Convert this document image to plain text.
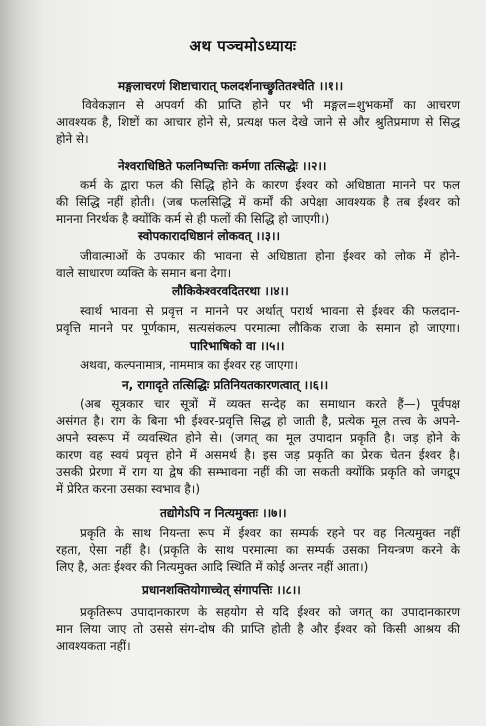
अथ पञ्चमोऽध्यायः
मङ्गलाचरणं शिष्टाचारात् फलदर्शनाच्छ्रुतितश्चेति ।।१।।
विवेकज्ञान से अपवर्ग की प्राप्ति होने पर भी मङ्गल=शुभकर्मों का आचरण
आवश्यक है, शिष्टों का आचार होने से, प्रत्यक्ष फल देखे जाने से और श्रुतिप्रमाण से सिद्ध
होने से।
नेश्वराधिष्ठिते फलनिष्पत्तिः कर्मणा तत्सिद्धेः ।।२।।
कर्म के द्वारा फल की सिद्धि होने के कारण ईश्वर को अधिष्ठाता मानने पर फल
की सिद्धि नहीं होती। (जब फलसिद्धि में कर्मों की अपेक्षा आवश्यक है तब ईश्वर को
मानना निरर्थक है क्योंकि कर्म से ही फलों की सिद्धि हो जाएगी।)
स्वोपकारादधिष्ठानं लोकवत् ।।३।।
जीवात्माओं के उपकार की भावना से अधिष्ठाता होना ईश्वर को लोक में होने-
वाले साधारण व्यक्ति के समान बना देगा।
लौकिकेश्वरवदितरथा ।।४।।
स्वार्थ भावना से प्रवृत्त न मानने पर अर्थात् परार्थ भावना से ईश्वर की फलदान-
प्रवृत्ति मानने पर पूर्णकाम, सत्यसंकल्प परमात्मा लौकिक राजा के समान हो जाएगा।
पारिभाषिको वा ।।५।।
अथवा, कल्पनामात्र, नाममात्र का ईश्वर रह जाएगा।
न, रागादृते तत्सिद्धिः प्रतिनियतकारणत्वात् ।।६।।
(अब सूत्रकार चार सूत्रों में व्यक्त सन्देह का समाधान करते हैं—) पूर्वपक्ष
असंगत है। राग के बिना भी ईश्वर-प्रवृत्ति सिद्ध हो जाती है, प्रत्येक मूल तत्त्व के अपने-
अपने स्वरूप में व्यवस्थित होने से। (जगत् का मूल उपादान प्रकृति है। जड़ होने के
कारण वह स्वयं प्रवृत्त होने में असमर्थ है। इस जड़ प्रकृति का प्रेरक चेतन ईश्वर है।
उसकी प्रेरणा में राग या द्वेष की सम्भावना नहीं की जा सकती क्योंकि प्रकृति को जगद्रूप
में प्रेरित करना उसका स्वभाव है।)
तद्योगेऽपि न नित्यमुक्तः ।।७।।
प्रकृति के साथ नियन्ता रूप में ईश्वर का सम्पर्क रहने पर वह नित्यमुक्त नहीं
रहता, ऐसा नहीं है। (प्रकृति के साथ परमात्मा का सम्पर्क उसका नियन्त्रण करने के
लिए है, अतः ईश्वर की नित्यमुक्त आदि स्थिति में कोई अन्तर नहीं आता।)
प्रधानशक्तियोगाच्चेत् संगापत्तिः ।।८।।
प्रकृतिरूप उपादानकारण के सहयोग से यदि ईश्वर को जगत् का उपादानकारण
मान लिया जाए तो उससे संग-दोष की प्राप्ति होती है और ईश्वर को किसी आश्रय की
आवश्यकता नहीं।
